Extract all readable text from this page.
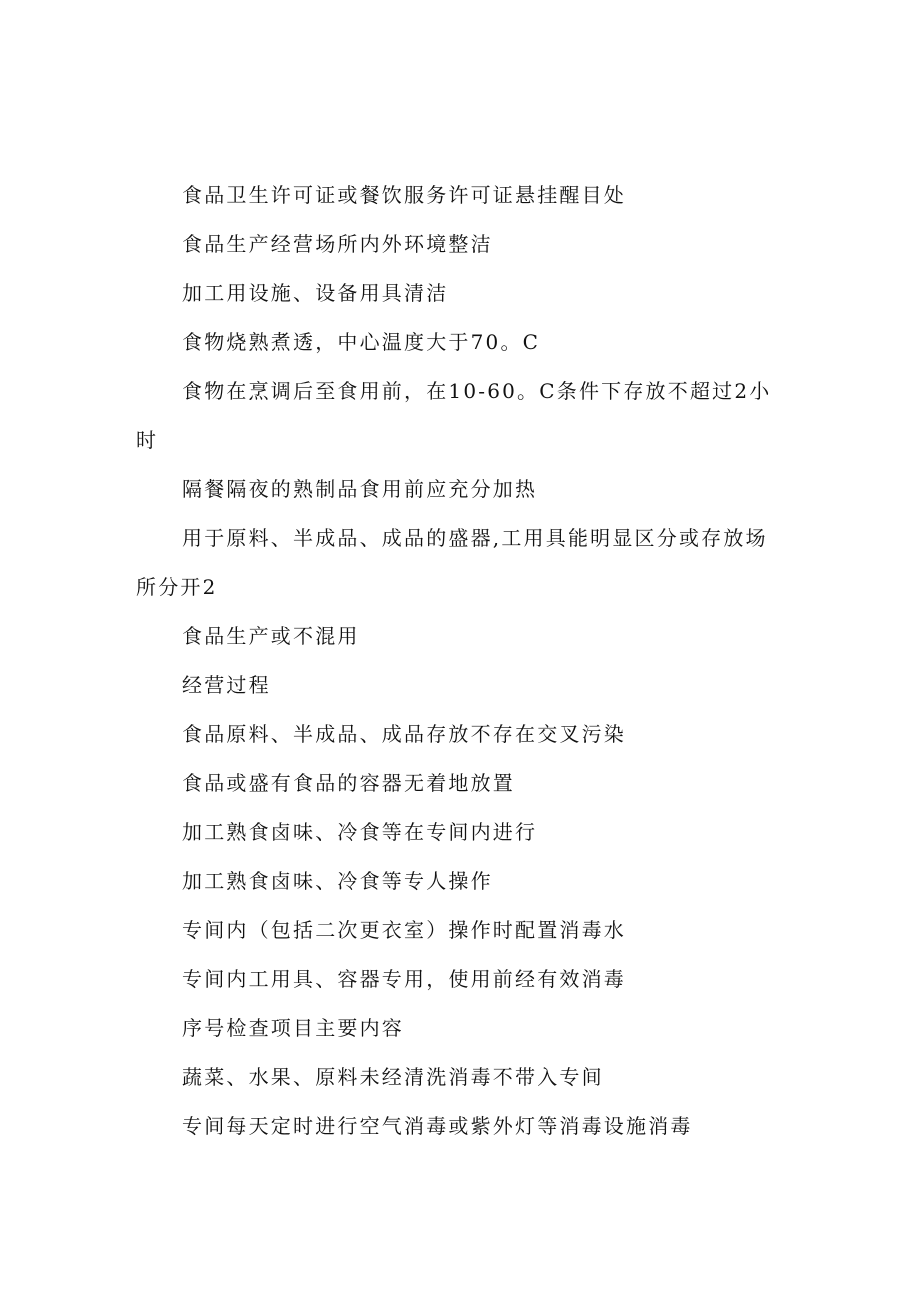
食品卫生许可证或餐饮服务许可证悬挂醒目处

食品生产经营场所内外环境整洁

加工用设施、设备用具清洁

食物烧熟煮透，中心温度大于70。C

食物在烹调后至食用前，在10-60。C条件下存放不超过2小时

隔餐隔夜的熟制品食用前应充分加热

用于原料、半成品、成品的盛器,工用具能明显区分或存放场所分开2

食品生产或不混用

经营过程

食品原料、半成品、成品存放不存在交叉污染

食品或盛有食品的容器无着地放置

加工熟食卤味、冷食等在专间内进行

加工熟食卤味、冷食等专人操作

专间内（包括二次更衣室）操作时配置消毒水

专间内工用具、容器专用，使用前经有效消毒

序号检查项目主要内容

蔬菜、水果、原料未经清洗消毒不带入专间

专间每天定时进行空气消毒或紫外灯等消毒设施消毒
